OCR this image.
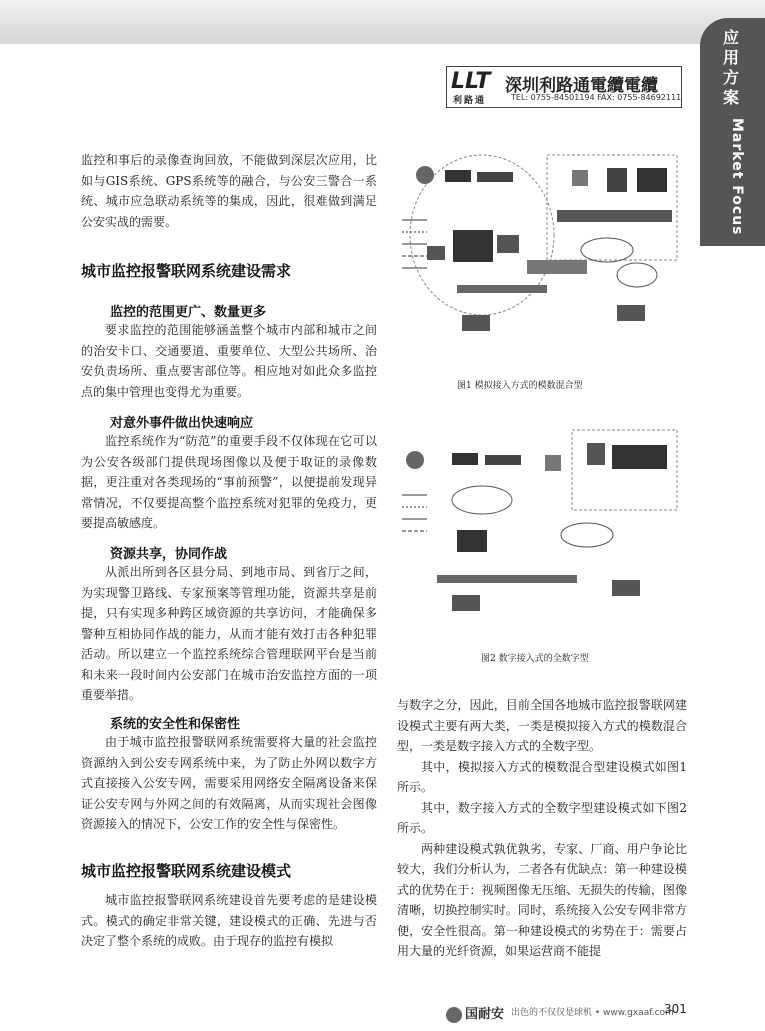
应用方案
Market Focus
LLT
利路通
深圳利路通電纜電纜
TEL: 0755-84501194 FAX: 0755-84692111

监控和事后的录像查询回放，不能做到深层次应用，比如与GIS系统、GPS系统等的融合，与公安三警合一系统、城市应急联动系统等的集成，因此，很难做到满足公安实战的需要。

城市监控报警联网系统建设需求
监控的范围更广、数量更多

要求监控的范围能够涵盖整个城市内部和城市之间的治安卡口、交通要道、重要单位、大型公共场所、治安负责场所、重点要害部位等。相应地对如此众多监控点的集中管理也变得尤为重要。

对意外事件做出快速响应

监控系统作为“防范”的重要手段不仅体现在它可以为公安各级部门提供现场图像以及便于取证的录像数据，更注重对各类现场的“事前预警”，以便提前发现异常情况，不仅要提高整个监控系统对犯罪的免疫力，更要提高敏感度。

资源共享，协同作战

从派出所到各区县分局、到地市局、到省厅之间，为实现警卫路线、专家预案等管理功能，资源共享是前提，只有实现多种跨区域资源的共享访问，才能确保多警种互相协同作战的能力，从而才能有效打击各种犯罪活动。所以建立一个监控系统综合管理联网平台是当前和未来一段时间内公安部门在城市治安监控方面的一项重要举措。

系统的安全性和保密性

由于城市监控报警联网系统需要将大量的社会监控资源纳入到公安专网系统中来，为了防止外网以数字方式直接接入公安专网，需要采用网络安全隔离设备来保证公安专网与外网之间的有效隔离，从而实现社会图像资源接入的情况下，公安工作的安全性与保密性。

城市监控报警联网系统建设模式

城市监控报警联网系统建设首先要考虑的是建设模式。模式的确定非常关键，建设模式的正确、先进与否决定了整个系统的成败。由于现存的监控有模拟

图1 模拟接入方式的模数混合型
图2 数字接入式的全数字型

与数字之分，因此，目前全国各地城市监控报警联网建设模式主要有两大类，一类是模拟接入方式的模数混合型，一类是数字接入方式的全数字型。

其中，模拟接入方式的模数混合型建设模式如图1所示。

其中，数字接入方式的全数字型建设模式如下图2所示。

两种建设模式孰优孰劣，专家、厂商、用户争论比较大，我们分析认为，二者各有优缺点：第一种建设模式的优势在于：视频图像无压缩、无损失的传输，图像清晰，切换控制实时。同时，系统接入公安专网非常方便，安全性很高。第一种建设模式的劣势在于：需要占用大量的光纤资源，如果运营商不能提

国耐安 出色的不仅仅是球机 • www.gxaaf.com
301
